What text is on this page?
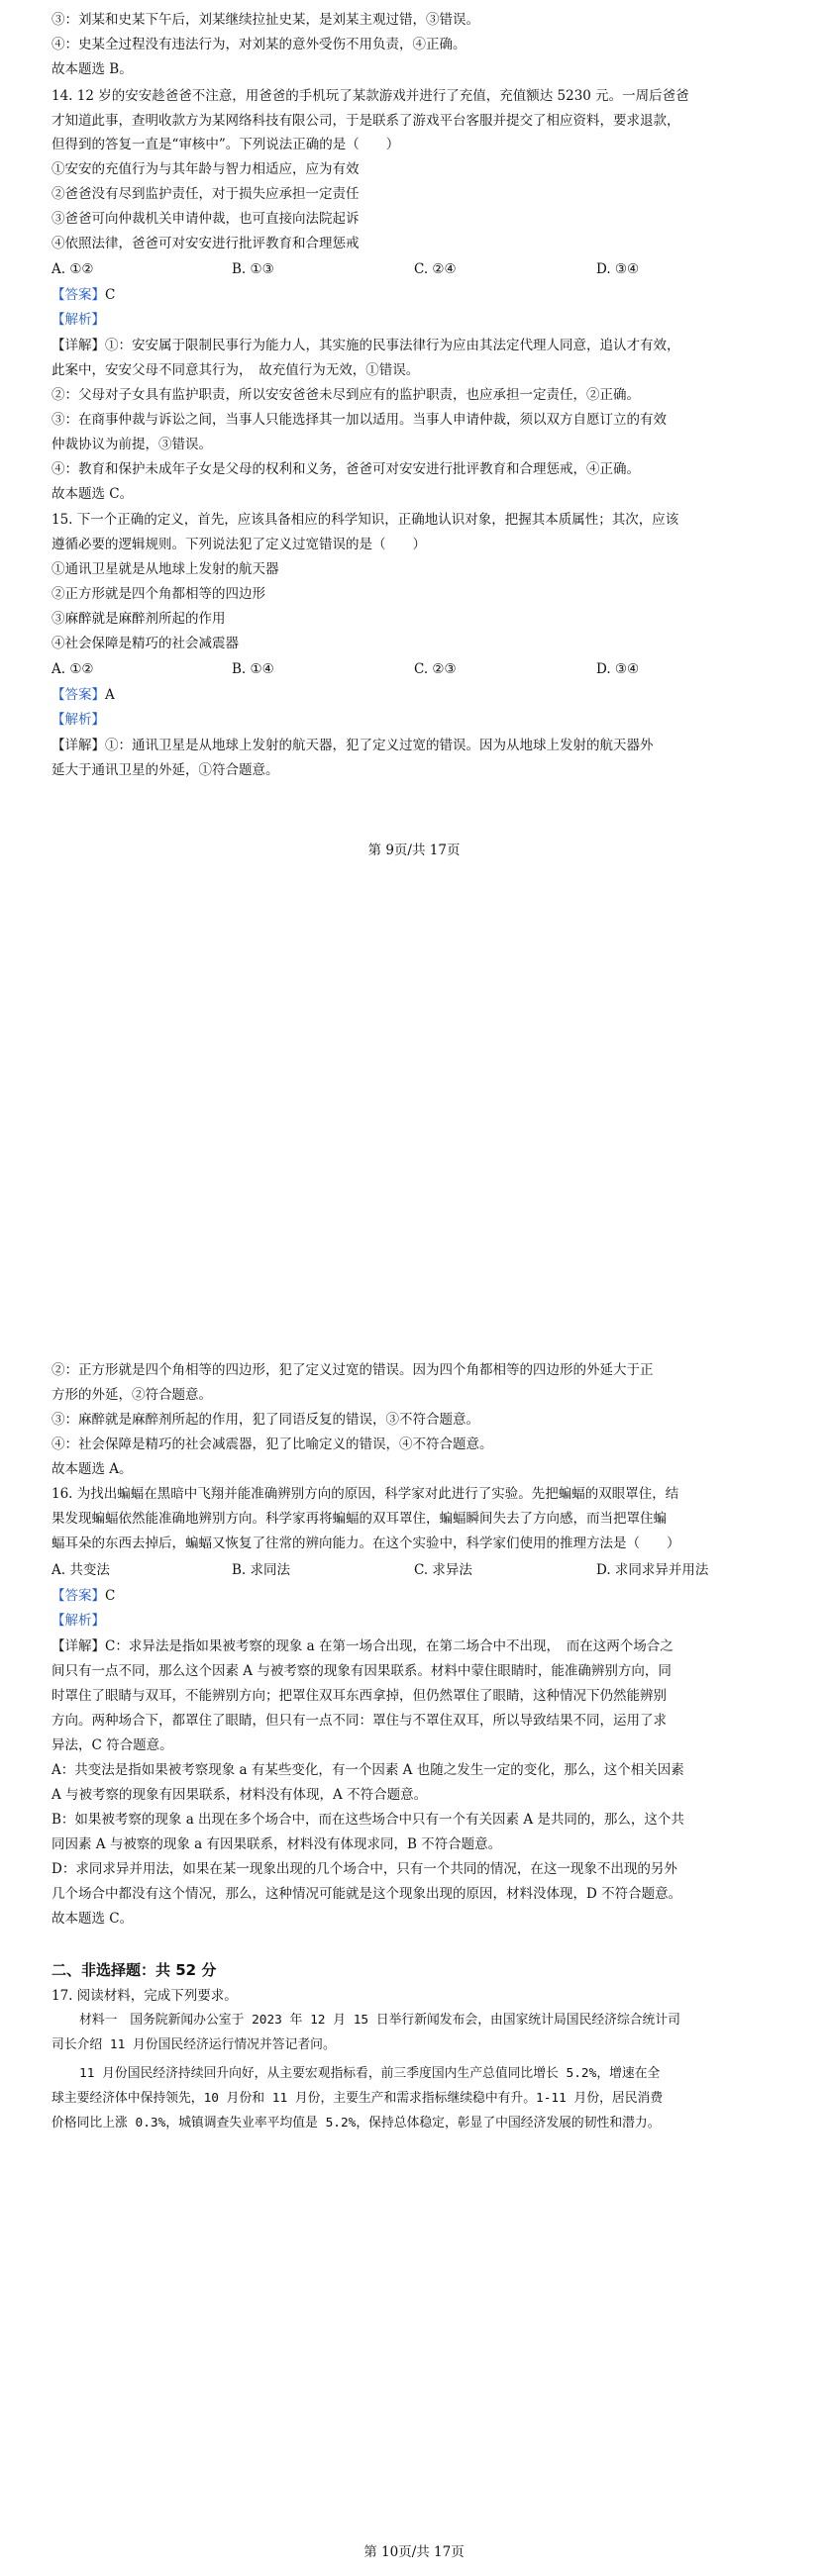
③：刘某和史某下午后，刘某继续拉扯史某，是刘某主观过错，③错误。
④：史某全过程没有违法行为，对刘某的意外受伤不用负责，④正确。
故本题选 B。
14. 12 岁的安安趁爸爸不注意，用爸爸的手机玩了某款游戏并进行了充值，充值额达 5230 元。一周后爸爸
才知道此事，查明收款方为某网络科技有限公司，于是联系了游戏平台客服并提交了相应资料，要求退款，
但得到的答复一直是“审核中”。下列说法正确的是（　　）
①安安的充值行为与其年龄与智力相适应，应为有效
②爸爸没有尽到监护责任，对于损失应承担一定责任
③爸爸可向仲裁机关申请仲裁，也可直接向法院起诉
④依照法律，爸爸可对安安进行批评教育和合理惩戒
A. ①②	B. ①③	C. ②④	D. ③④
【答案】C
【解析】
【详解】①：安安属于限制民事行为能力人，其实施的民事法律行为应由其法定代理人同意，追认才有效，
此案中，安安父母不同意其行为，　故充值行为无效，①错误。
②：父母对子女具有监护职责，所以安安爸爸未尽到应有的监护职责，也应承担一定责任，②正确。
③：在商事仲裁与诉讼之间，当事人只能选择其一加以适用。当事人申请仲裁，须以双方自愿订立的有效
仲裁协议为前提，③错误。
④：教育和保护未成年子女是父母的权利和义务，爸爸可对安安进行批评教育和合理惩戒，④正确。
故本题选 C。
15. 下一个正确的定义，首先，应该具备相应的科学知识，正确地认识对象，把握其本质属性；其次，应该
遵循必要的逻辑规则。下列说法犯了定义过宽错误的是（　　）
①通讯卫星就是从地球上发射的航天器
②正方形就是四个角都相等的四边形
③麻醉就是麻醉剂所起的作用
④社会保障是精巧的社会减震器
A. ①②	B. ①④	C. ②③	D. ③④
【答案】A
【解析】
【详解】①：通讯卫星是从地球上发射的航天器，犯了定义过宽的错误。因为从地球上发射的航天器外
延大于通讯卫星的外延，①符合题意。
第 9页/共 17页
②：正方形就是四个角相等的四边形，犯了定义过宽的错误。因为四个角都相等的四边形的外延大于正
方形的外延，②符合题意。
③：麻醉就是麻醉剂所起的作用，犯了同语反复的错误，③不符合题意。
④：社会保障是精巧的社会减震器，犯了比喻定义的错误，④不符合题意。
故本题选 A。
16. 为找出蝙蝠在黑暗中飞翔并能准确辨别方向的原因，科学家对此进行了实验。先把蝙蝠的双眼罩住，结
果发现蝙蝠依然能准确地辨别方向。科学家再将蝙蝠的双耳罩住，蝙蝠瞬间失去了方向感，而当把罩住蝙
蝠耳朵的东西去掉后，蝙蝠又恢复了往常的辨向能力。在这个实验中，科学家们使用的推理方法是（　　）
A. 共变法	B. 求同法	C. 求异法	D. 求同求异并用法
【答案】C
【解析】
【详解】C：求异法是指如果被考察的现象 a 在第一场合出现，在第二场合中不出现，　而在这两个场合之
间只有一点不同，那么这个因素 A 与被考察的现象有因果联系。材料中蒙住眼睛时，能准确辨别方向，同
时罩住了眼睛与双耳，不能辨别方向；把罩住双耳东西拿掉，但仍然罩住了眼睛，这种情况下仍然能辨别
方向。两种场合下，都罩住了眼睛，但只有一点不同：罩住与不罩住双耳，所以导致结果不同，运用了求
异法，C 符合题意。
A：共变法是指如果被考察现象 a 有某些变化，有一个因素 A 也随之发生一定的变化，那么，这个相关因素
A 与被考察的现象有因果联系，材料没有体现，A 不符合题意。
B：如果被考察的现象 a 出现在多个场合中，而在这些场合中只有一个有关因素 A 是共同的，那么，这个共
同因素 A 与被察的现象 a 有因果联系，材料没有体现求同，B 不符合题意。
D：求同求异并用法，如果在某一现象出现的几个场合中，只有一个共同的情况，在这一现象不出现的另外
几个场合中都没有这个情况，那么，这种情况可能就是这个现象出现的原因，材料没体现，D 不符合题意。
故本题选 C。
二、非选择题：共 52 分
17. 阅读材料，完成下列要求。
材料一　国务院新闻办公室于 2023 年 12 月 15 日举行新闻发布会，由国家统计局国民经济综合统计司
司长介绍 11 月份国民经济运行情况并答记者问。
11 月份国民经济持续回升向好，从主要宏观指标看，前三季度国内生产总值同比增长 5.2%，增速在全
球主要经济体中保持领先，10 月份和 11 月份，主要生产和需求指标继续稳中有升。1-11 月份，居民消费
价格同比上涨 0.3%，城镇调查失业率平均值是 5.2%，保持总体稳定，彰显了中国经济发展的韧性和潜力。
第 10页/共 17页
